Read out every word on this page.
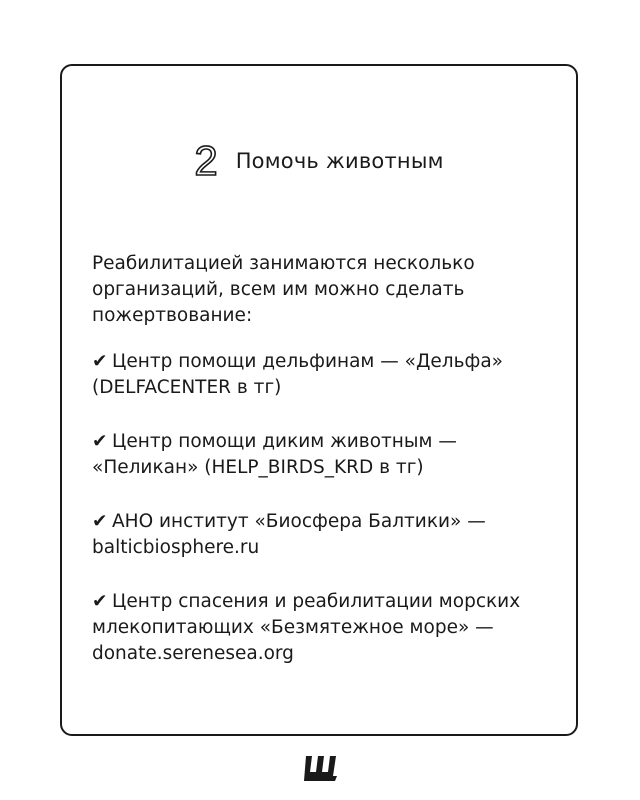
2 Помочь животным

Реабилитацией занимаются несколько организаций, всем им можно сделать пожертвование:

✔ Центр помощи дельфинам — «Дельфа» (DELFACENTER в тг)

✔ Центр помощи диким животным — «Пеликан» (HELP_BIRDS_KRD в тг)

✔ АНО институт «Биосфера Балтики» — balticbiosphere.ru

✔ Центр спасения и реабилитации морских млекопитающих «Безмятежное море» — donate.serenesea.org
